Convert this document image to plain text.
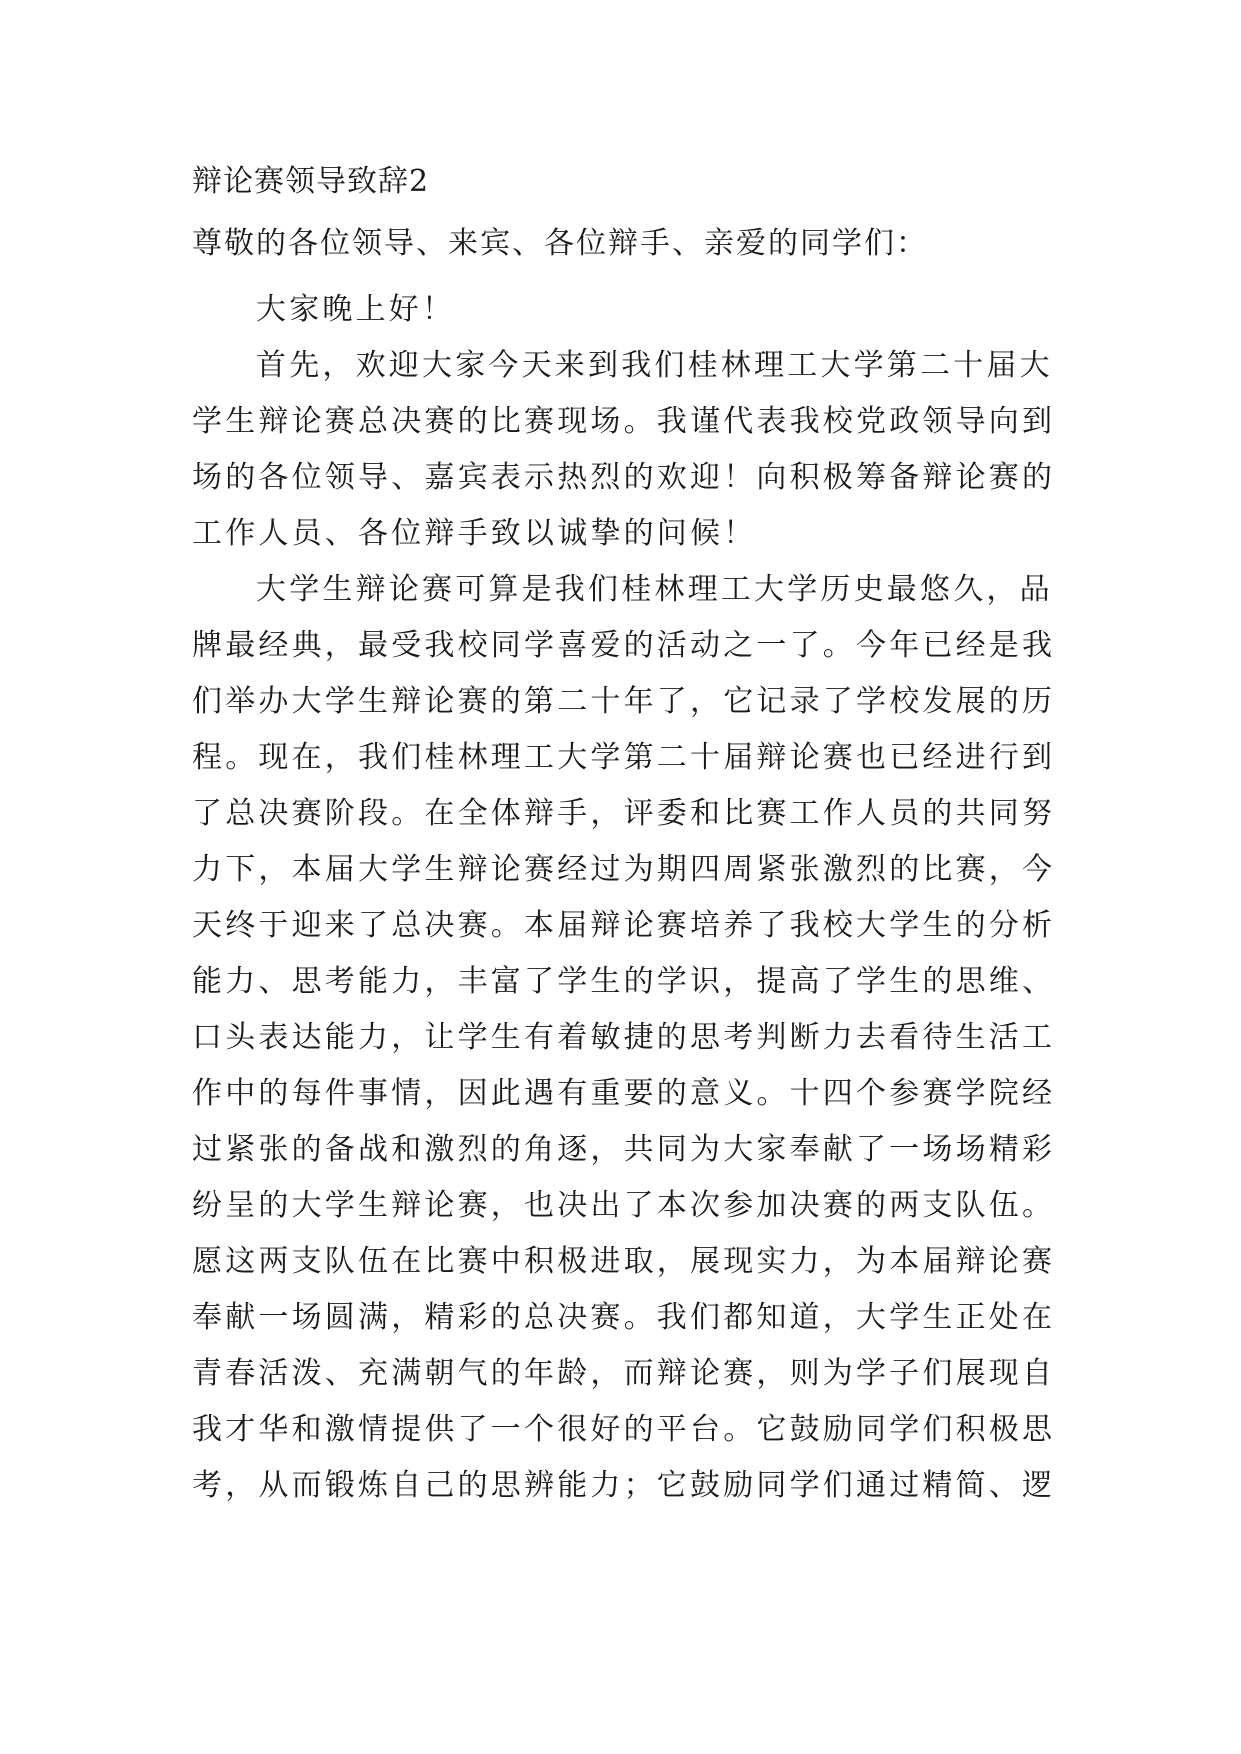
辩论赛领导致辞2
尊敬的各位领导、来宾、各位辩手、亲爱的同学们：
大家晚上好！
首先，欢迎大家今天来到我们桂林理工大学第二十届大
学生辩论赛总决赛的比赛现场。我谨代表我校党政领导向到
场的各位领导、嘉宾表示热烈的欢迎！向积极筹备辩论赛的
工作人员、各位辩手致以诚挚的问候！
大学生辩论赛可算是我们桂林理工大学历史最悠久，品
牌最经典，最受我校同学喜爱的活动之一了。今年已经是我
们举办大学生辩论赛的第二十年了，它记录了学校发展的历
程。现在，我们桂林理工大学第二十届辩论赛也已经进行到
了总决赛阶段。在全体辩手，评委和比赛工作人员的共同努
力下，本届大学生辩论赛经过为期四周紧张激烈的比赛，今
天终于迎来了总决赛。本届辩论赛培养了我校大学生的分析
能力、思考能力，丰富了学生的学识，提高了学生的思维、
口头表达能力，让学生有着敏捷的思考判断力去看待生活工
作中的每件事情，因此遇有重要的意义。十四个参赛学院经
过紧张的备战和激烈的角逐，共同为大家奉献了一场场精彩
纷呈的大学生辩论赛，也决出了本次参加决赛的两支队伍。
愿这两支队伍在比赛中积极进取，展现实力，为本届辩论赛
奉献一场圆满，精彩的总决赛。我们都知道，大学生正处在
青春活泼、充满朝气的年龄，而辩论赛，则为学子们展现自
我才华和激情提供了一个很好的平台。它鼓励同学们积极思
考，从而锻炼自己的思辨能力；它鼓励同学们通过精简、逻
